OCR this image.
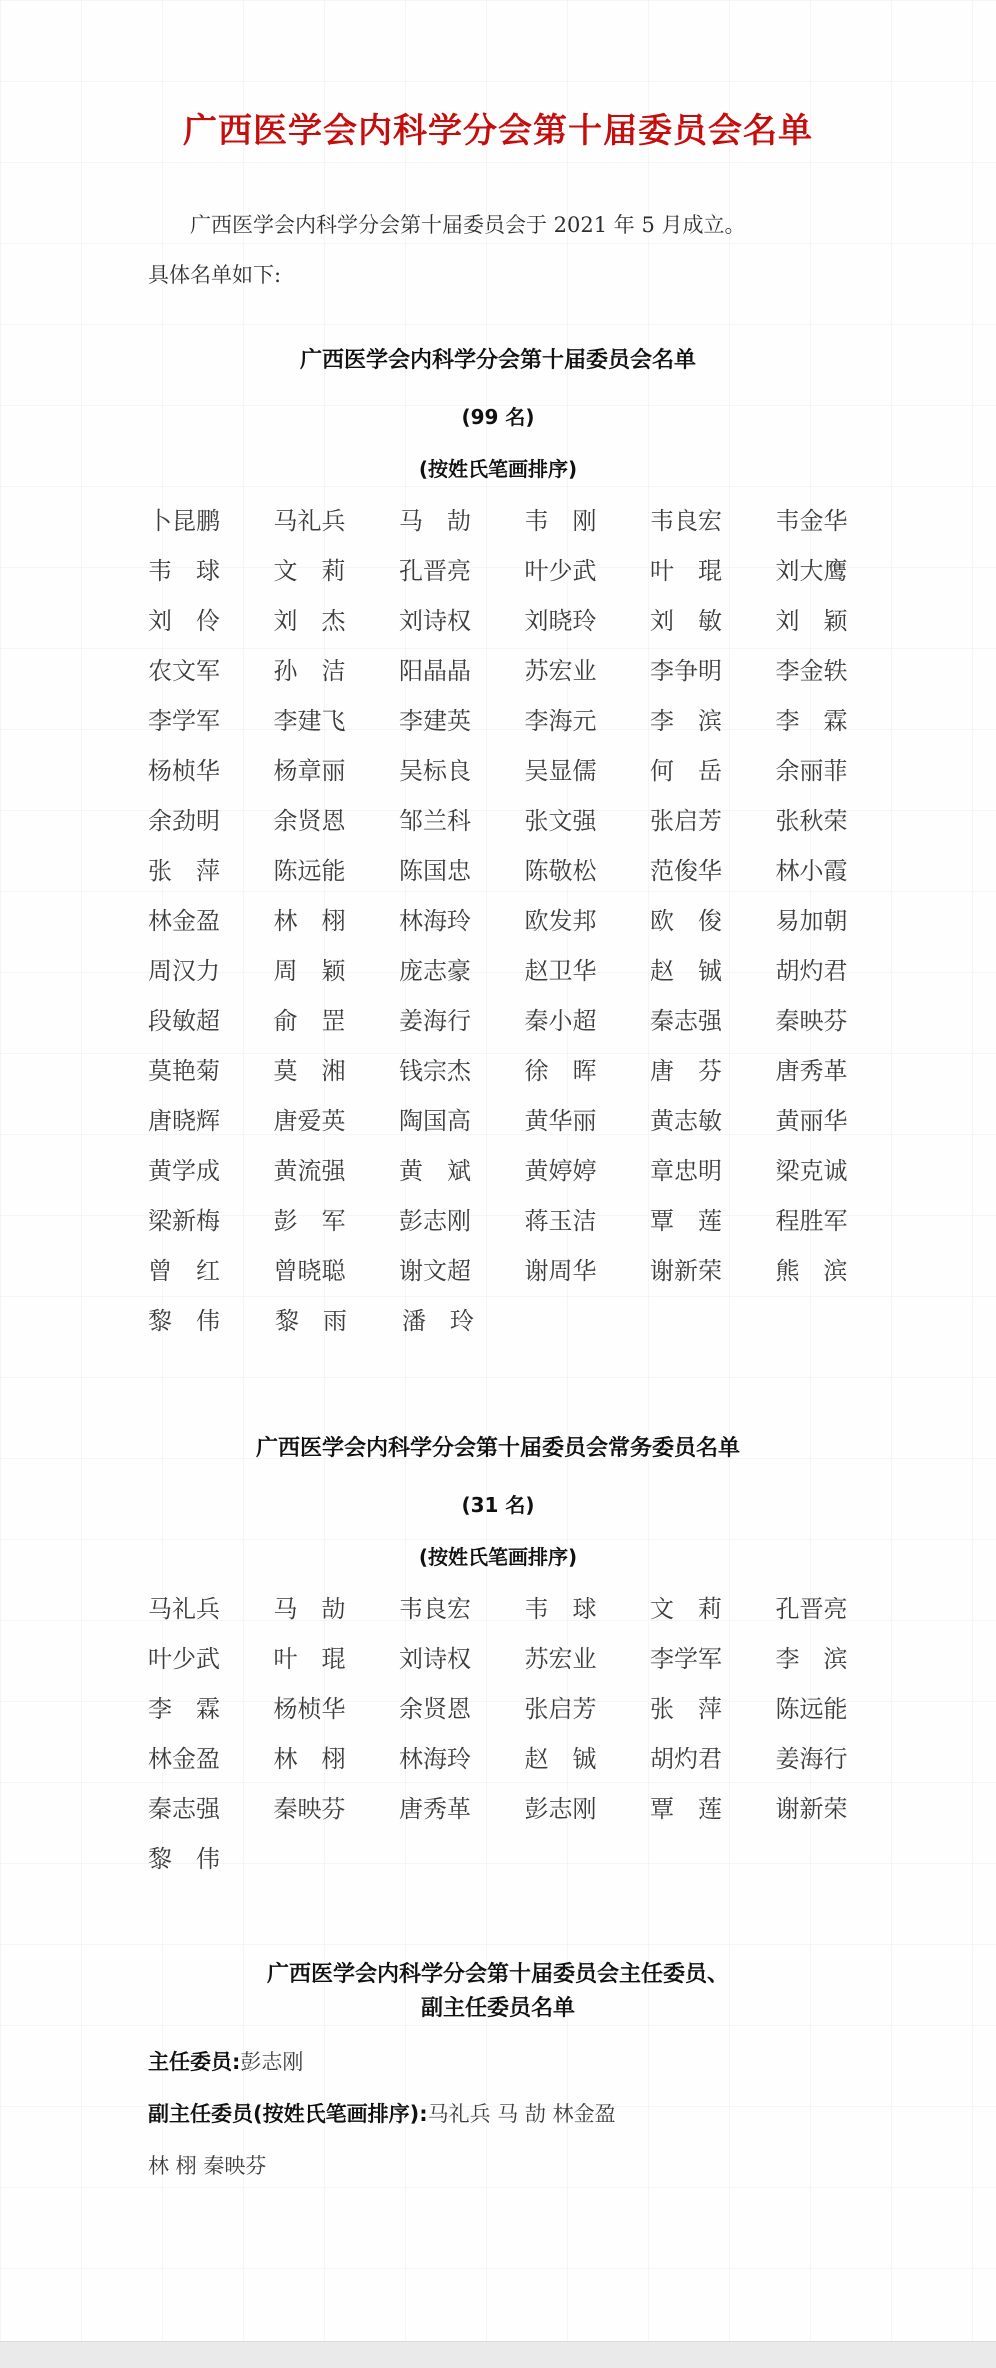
广西医学会内科学分会第十届委员会名单

广西医学会内科学分会第十届委员会于 2021 年 5 月成立。

具体名单如下:

广西医学会内科学分会第十届委员会名单

(99 名)

(按姓氏笔画排序)

卜昆鹏 马礼兵 马　劼 韦　刚 韦良宏 韦金华
韦　球 文　莉 孔晋亮 叶少武 叶　琨 刘大鹰
刘　伶 刘　杰 刘诗权 刘晓玲 刘　敏 刘　颖
农文军 孙　洁 阳晶晶 苏宏业 李争明 李金轶
李学军 李建飞 李建英 李海元 李　滨 李　霖
杨桢华 杨章丽 吴标良 吴显儒 何　岳 余丽菲
余劲明 余贤恩 邹兰科 张文强 张启芳 张秋荣
张　萍 陈远能 陈国忠 陈敬松 范俊华 林小霞
林金盈 林　栩 林海玲 欧发邦 欧　俊 易加朝
周汉力 周　颖 庞志豪 赵卫华 赵　铖 胡灼君
段敏超 俞　罡 姜海行 秦小超 秦志强 秦映芬
莫艳菊 莫　湘 钱宗杰 徐　晖 唐　芬 唐秀革
唐晓辉 唐爱英 陶国高 黄华丽 黄志敏 黄丽华
黄学成 黄流强 黄　斌 黄婷婷 章忠明 梁克诚
梁新梅 彭　军 彭志刚 蒋玉洁 覃　莲 程胜军
曾　红 曾晓聪 谢文超 谢周华 谢新荣 熊　滨
黎　伟 黎　雨 潘　玲

广西医学会内科学分会第十届委员会常务委员名单

(31 名)

(按姓氏笔画排序)

马礼兵 马　劼 韦良宏 韦　球 文　莉 孔晋亮
叶少武 叶　琨 刘诗权 苏宏业 李学军 李　滨
李　霖 杨桢华 余贤恩 张启芳 张　萍 陈远能
林金盈 林　栩 林海玲 赵　铖 胡灼君 姜海行
秦志强 秦映芬 唐秀革 彭志刚 覃　莲 谢新荣
黎　伟

广西医学会内科学分会第十届委员会主任委员、

副主任委员名单

主任委员:彭志刚

副主任委员(按姓氏笔画排序):马礼兵 马 劼 林金盈

林 栩 秦映芬
